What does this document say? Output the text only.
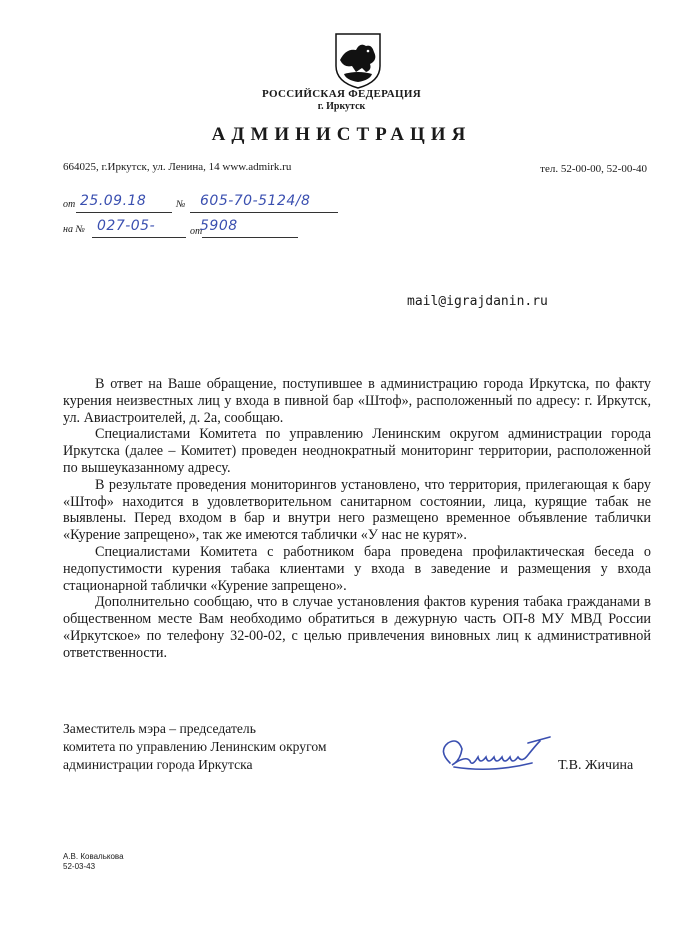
РОССИЙСКАЯ ФЕДЕРАЦИЯ
г. Иркутск
АДМИНИСТРАЦИЯ
664025, г.Иркутск, ул. Ленина, 14 www.admirk.ru	тел. 52-00-00, 52-00-40
от 25.09.18	№ 605-70-5124/8
на № 027-05-	от
5908
mail@igrajdanin.ru

В ответ на Ваше обращение, поступившее в администрацию города Иркутска, по факту курения неизвестных лиц у входа в пивной бар «Штоф», расположенный по адресу: г. Иркутск, ул. Авиастроителей, д. 2а, сообщаю.

Специалистами Комитета по управлению Ленинским округом администрации города Иркутска (далее – Комитет) проведен неоднократный мониторинг территории, расположенной по вышеуказанному адресу.

В результате проведения мониторингов установлено, что территория, прилегающая к бару «Штоф» находится в удовлетворительном санитарном состоянии, лица, курящие табак не выявлены. Перед входом в бар и внутри него размещено временное объявление таблички «Курение запрещено», так же имеются таблички «У нас не курят».

Специалистами Комитета с работником бара проведена профилактическая беседа о недопустимости курения табака клиентами у входа в заведение и размещения у входа стационарной таблички «Курение запрещено».

Дополнительно сообщаю, что в случае установления фактов курения табака гражданами в общественном месте Вам необходимо обратиться в дежурную часть ОП-8 МУ МВД России «Иркутское» по телефону 32-00-02, с целью привлечения виновных лиц к административной ответственности.

Заместитель мэра – председатель
комитета по управлению Ленинским округом
администрации города Иркутска	Т.В. Жичина
А.В. Ковалькова
52-03-43
